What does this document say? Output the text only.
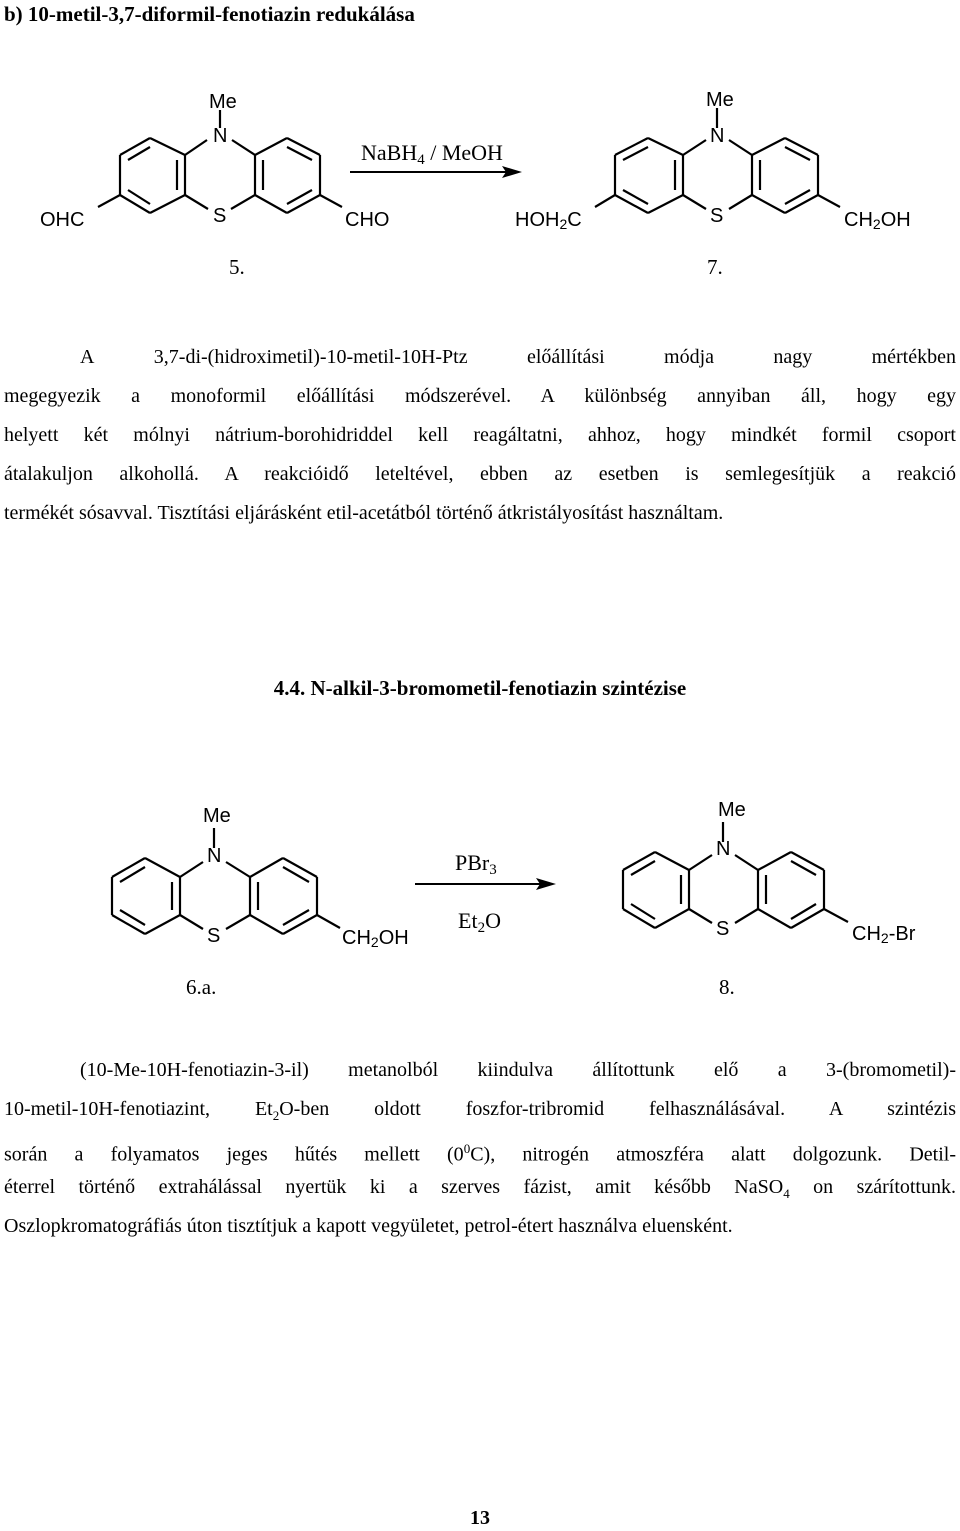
b) 10-metil-3,7-diformil-fenotiazin redukálása
Me
N
S
OHC	CHO
5.
NaBH4 / MeOH
Me
N
S
HOH2C	CH2OH
7.
A	3,7-di-(hidroximetil)-10-metil-10H-Ptz	előállítási	módja	nagy	mértékben
megegyezik a monoformil előállítási módszerével. A különbség annyiban áll, hogy egy
helyett két mólnyi nátrium-borohidriddel kell reagáltatni, ahhoz, hogy mindkét formil csoport
átalakuljon alkohollá. A reakcióidő leteltével, ebben az esetben is semlegesítjük a reakció
termékét sósavval. Tisztítási eljárásként etil-acetátból történő átkristályosítást használtam.
4.4. N-alkil-3-bromometil-fenotiazin szintézise
Me
N
S	CH2OH
6.a.
PBr3
Et2O
Me
N
S	CH2-Br
8.
(10-Me-10H-fenotiazin-3-il) metanolból kiindulva állítottunk elő a 3-(bromometil)-
10-metil-10H-fenotiazint, $Et_2O$-ben oldott foszfor-tribromid felhasználásával. A szintézis
során a folyamatos jeges hűtés mellett $(0^0C)$, nitrogén atmoszféra alatt dolgozunk. Detil-
éterrel történő extrahálással nyertük ki a szerves fázist, amit később NaSO$_4$ on szárítottunk.
Oszlopkromatográfiás úton tisztítjuk a kapott vegyületet, petrol-étert használva eluensként.
13
